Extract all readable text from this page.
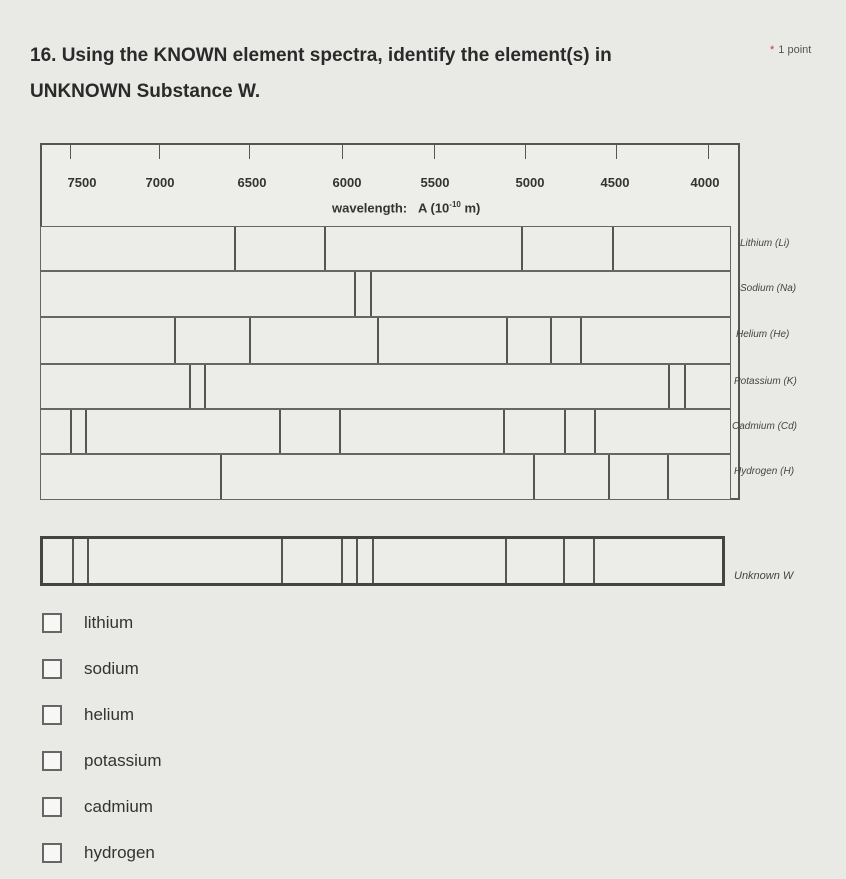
16. Using the KNOWN element spectra, identify the element(s) in
UNKNOWN Substance W.
* 1 point
7500	7000	6500	6000	5500	5000	4500	4000
wavelength: A ($10^{-10}$ m)
Lithium (Li)
Sodium (Na)
Helium (He)
Potassium (K)
Cadmium (Cd)
Hydrogen (H)
Unknown W
lithium
sodium
helium
potassium
cadmium
hydrogen
